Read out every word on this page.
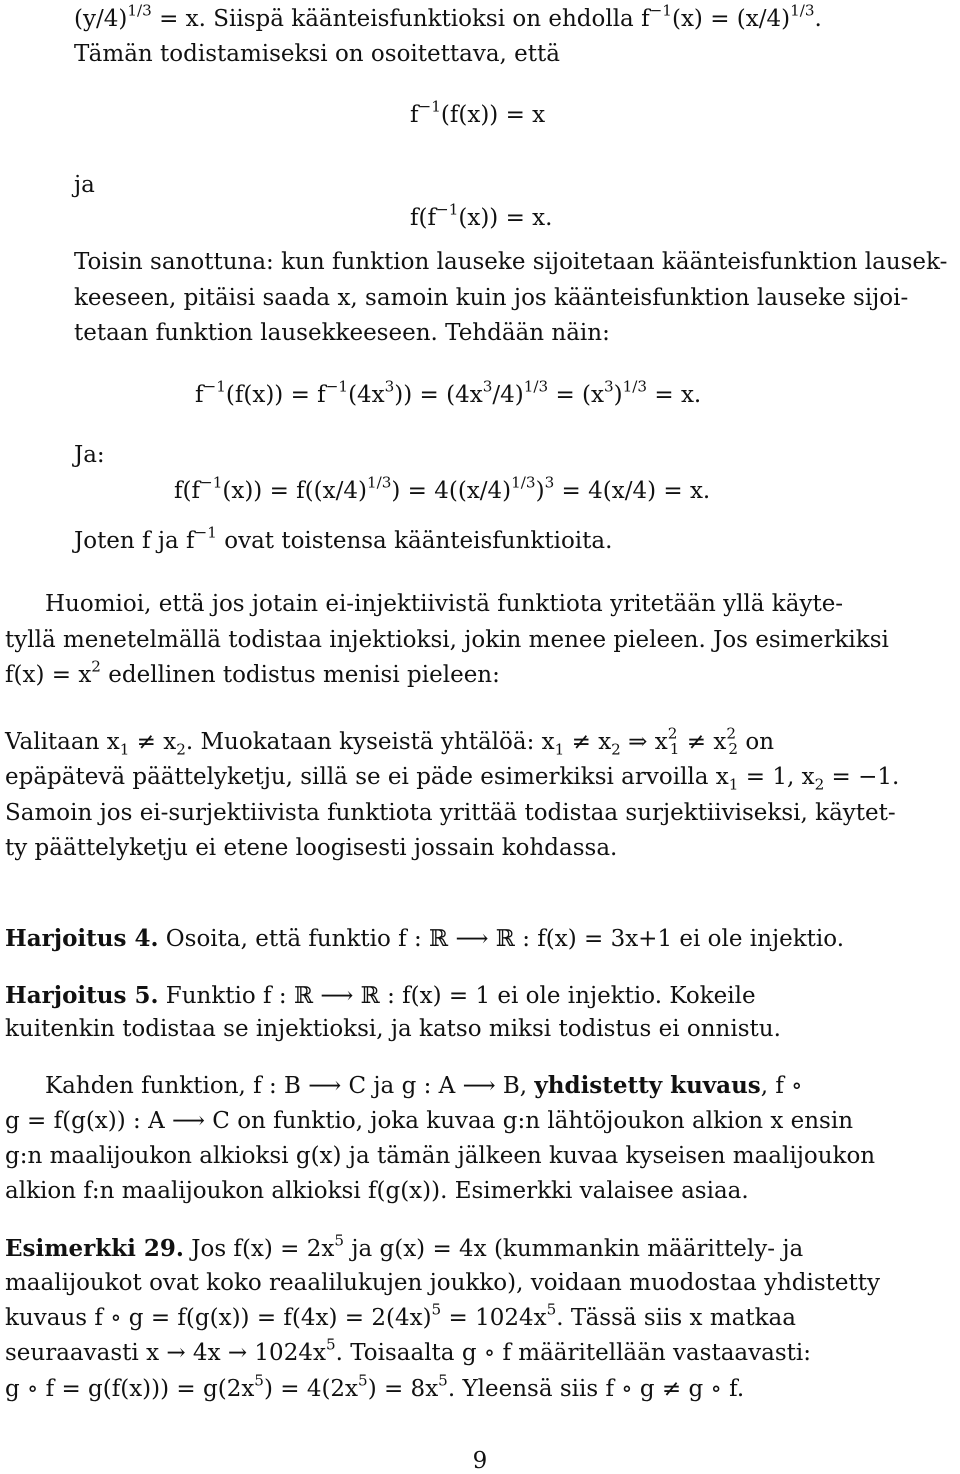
$(y/4)^{1/3} = x$. Siispä käänteisfunktioksi on ehdolla $f^{-1}(x) = (x/4)^{1/3}$.
Tämän todistamiseksi on osoitettava, että
$f^{-1}(f(x)) = x$
ja
$f(f^{-1}(x)) = x$.
Toisin sanottuna: kun funktion lauseke sijoitetaan käänteisfunktion lausek-
keeseen, pitäisi saada x, samoin kuin jos käänteisfunktion lauseke sijoi-
tetaan funktion lausekkeeseen. Tehdään näin:
$f^{-1}(f(x)) = f^{-1}(4x^3)) = (4x^3/4)^{1/3} = (x^3)^{1/3} = x$.
Ja:
$f(f^{-1}(x)) = f((x/4)^{1/3}) = 4((x/4)^{1/3})^3 = 4(x/4) = x$.
Joten f ja $f^{-1}$ ovat toistensa käänteisfunktioita.
Huomioi, että jos jotain ei-injektiivistä funktiota yritetään yllä käyte-
tyllä menetelmällä todistaa injektioksi, jokin menee pieleen. Jos esimerkiksi
$f(x) = x^2$ edellinen todistus menisi pieleen:
Valitaan $x_1 \ne x_2$. Muokataan kyseistä yhtälöä: $x_1 \ne x_2$ ⇒ $x^2_1 \ne x^2_2$ on
epäpätevä päättelyketju, sillä se ei päde esimerkiksi arvoilla $x_1 = 1$, $x_2 = -1$.
Samoin jos ei-surjektiivista funktiota yrittää todistaa surjektiiviseksi, käytet-
ty päättelyketju ei etene loogisesti jossain kohdassa.
Harjoitus 4. Osoita, että funktio f : ℝ ⟶ ℝ : f(x) = 3x+1 ei ole injektio.
Harjoitus 5. Funktio f : ℝ ⟶ ℝ : f(x) = 1 ei ole injektio. Kokeile
kuitenkin todistaa se injektioksi, ja katso miksi todistus ei onnistu.
Kahden funktion, f : B ⟶ C ja g : A ⟶ B, yhdistetty kuvaus, f ∘
g = f(g(x)) : A ⟶ C on funktio, joka kuvaa g:n lähtöjoukon alkion x ensin
g:n maalijoukon alkioksi g(x) ja tämän jälkeen kuvaa kyseisen maalijoukon
alkion f:n maalijoukon alkioksi f(g(x)). Esimerkki valaisee asiaa.
Esimerkki 29. Jos $f(x) = 2x^5$ ja g(x) = 4x (kummankin määrittely- ja
maalijoukot ovat koko reaalilukujen joukko), voidaan muodostaa yhdistetty
kuvaus f ∘ $g = f(g(x)) = f(4x) = 2(4x)^5 = 1024x^5$. Tässä siis x matkaa
seuraavasti $x \to 4x \to 1024x^5$. Toisaalta g ∘ f määritellään vastaavasti:
g ∘ $f = g(f(x))) = g(2x^5) = 4(2x^5) = 8x^5$. Yleensä siis f ∘ g ≠ g ∘ f.
9
